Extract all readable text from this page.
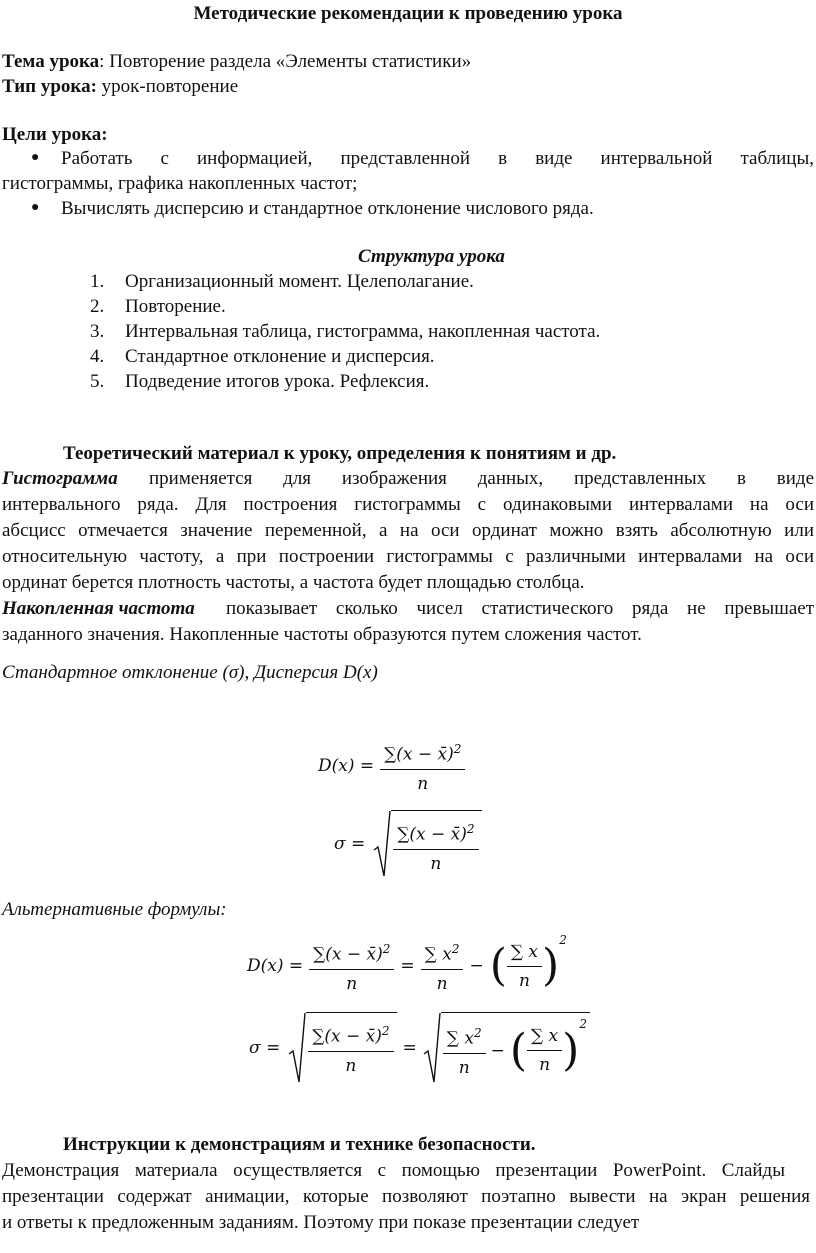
Методические рекомендации к проведению урока
Тема урока: Повторение раздела «Элементы статистики»
Тип урока: урок-повторение
Цели урока:
● Работать с информацией, представленной в виде интервальной таблицы,
гистограммы, графика накопленных частот;
● Вычислять дисперсию и стандартное отклонение числового ряда.
Структура урока
1. Организационный момент. Целеполагание.
2. Повторение.
3. Интервальная таблица, гистограмма, накопленная частота.
4. Стандартное отклонение и дисперсия.
5. Подведение итогов урока. Рефлексия.
Теоретический материал к уроку, определения к понятиям и др.
Гистограмма	применяется для изображения данных, представленных в виде
интервального ряда. Для построения гистограммы с одинаковыми интервалами на оси
абсцисс отмечается значение переменной, а на оси ординат можно взять абсолютную или
относительную частоту, а при построении гистограммы с различными интервалами на оси
ординат берется плотность частоты, а частота будет площадью столбца.
Накопленная частота показывает сколько чисел статистического ряда не превышает
заданного значения. Накопленные частоты образуются путем сложения частот.
Стандартное отклонение (σ), Дисперсия D(x)
$D(x) = \frac{\sum(x - x̄)^2}{n}$
$\sigma = \frac{\sum(x - x̄)^2}{n}$
Альтернативные формулы:
$D(x) = \frac{\sum(x - x̄)^2}{n} = \frac{\sum x^2}{n}$ − ( $\frac{\sum x}{n}$ )
$^2$
$\sigma = \frac{\sum(x - x̄)^2}{n} = \frac{\sum x^2}{n}$ − ( $\frac{\sum x}{n}$ )
$^2$
Инструкции к демонстрациям и технике безопасности.
Демонстрация материала осуществляется с помощью презентации PowerPoint. Слайды
презентации содержат анимации, которые позволяют поэтапно вывести на экран решения
и ответы к предложенным заданиям. Поэтому при показе презентации следует
